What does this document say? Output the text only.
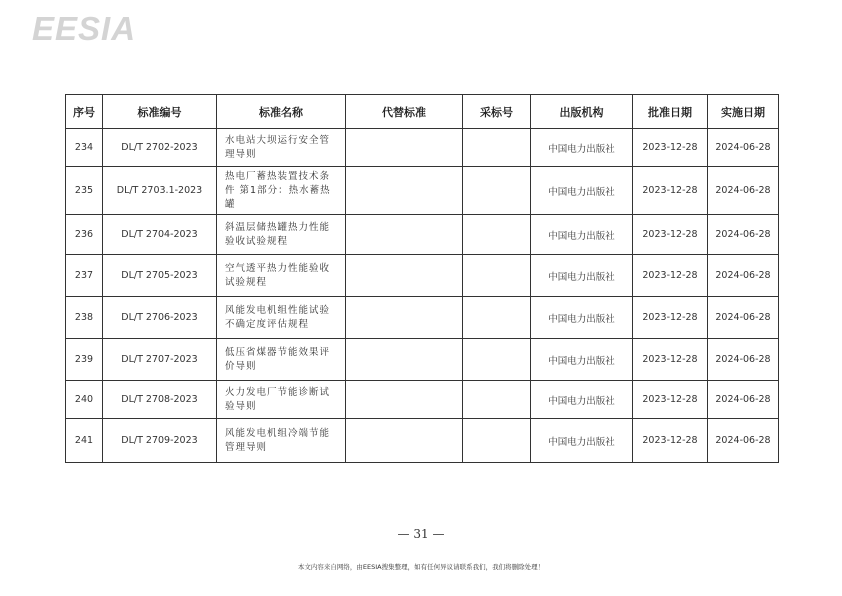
EESIA
序号	标准编号	标准名称	代替标准	采标号	出版机构	批准日期	实施日期
234	DL/T 2702-2023	水电站大坝运行安全管理导则			中国电力出版社	2023-12-28	2024-06-28
235	DL/T 2703.1-2023	热电厂蓄热装置技术条件 第1部分：热水蓄热罐			中国电力出版社	2023-12-28	2024-06-28
236	DL/T 2704-2023	斜温层储热罐热力性能验收试验规程			中国电力出版社	2023-12-28	2024-06-28
237	DL/T 2705-2023	空气透平热力性能验收试验规程			中国电力出版社	2023-12-28	2024-06-28
238	DL/T 2706-2023	风能发电机组性能试验不确定度评估规程			中国电力出版社	2023-12-28	2024-06-28
239	DL/T 2707-2023	低压省煤器节能效果评价导则			中国电力出版社	2023-12-28	2024-06-28
240	DL/T 2708-2023	火力发电厂节能诊断试验导则			中国电力出版社	2023-12-28	2024-06-28
241	DL/T 2709-2023	风能发电机组冷端节能管理导则			中国电力出版社	2023-12-28	2024-06-28
— 31 —
本文内容来自网络，由EESIA搜集整理，如有任何异议请联系我们，我们将删除处理！
